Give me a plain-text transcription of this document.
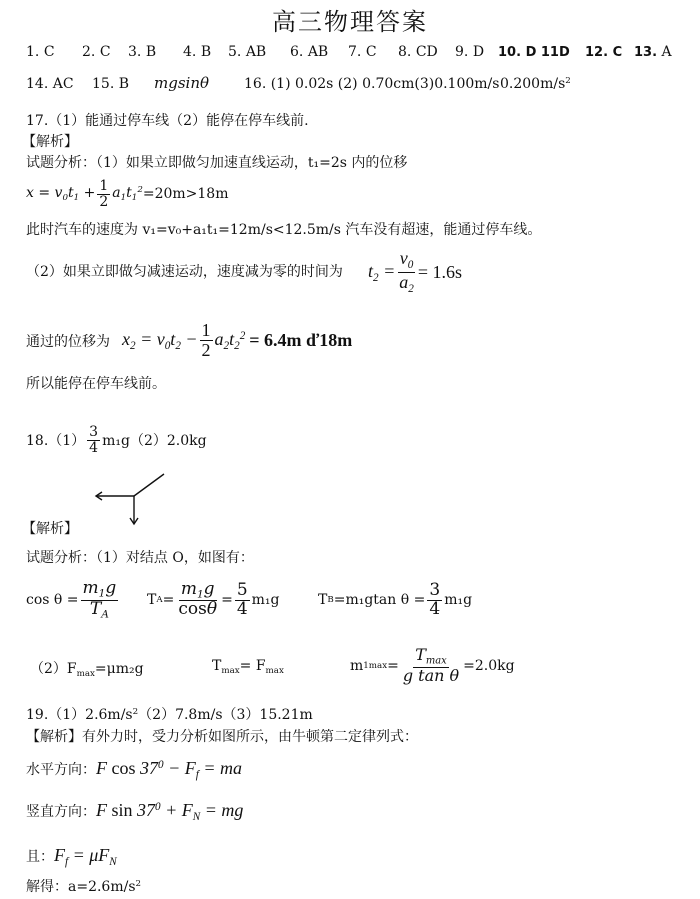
高三物理答案
1. C 2. C 3. B 4. B 5. AB 6. AB 7. C 8. CD 9. D 10. D 11D 12. C 13. A
14. AC 15. B mgsinθ 16. (1) 0.02s (2) 0.70cm(3)0.100m/s $0.200m/s^2$
17.（1）能通过停车线（2）能停在停车线前.
【解析】
试题分析：（1）如果立即做匀加速直线运动，t₁=2s 内的位移
$x = v_0t_1 + \frac{1}{2} a_1t_1^2 =20m>18m$
此时汽车的速度为 v₁=v₀+a₁t₁=12m/s<12.5m/s 汽车没有超速，能通过停车线。
（2）如果立即做匀减速运动，速度减为零的时间为 $t_2 = \frac{v_0}{a_2} = 1.6s$
通过的位移为 $x_2 = v_0t_2 - \frac{1}{2} a_2t_2^2 = 6.4m$ ď18m
所以能停在停车线前。
$18.(1) \frac{3}{4} m_1g(2)2.0kg$
【解析】
试题分析：（1）对结点 O，如图有：
$\cos \theta = \frac{m_1g}{T_A}$ T $A = \frac{m_1g}{\cos\theta} = \frac{5}{4} m_1g$	T B =m₁gtan $\theta = \frac{3}{4} m_1g$
$(2)F_{max}=\mu m_2g$	$T_{max}= F_{max}$	m $1\max = \frac{T_{max}}{\text{g tan θ}} =2.0kg$
$19.(1)2.6m/s^2(2)7.8m/s(3)15.21m$
【解析】有外力时，受力分析如图所示，由牛顿第二定律列式：
水平方向： F $\cos 37^0 - F_f$ = ma
竖直方向： F $\sin 37^0 + F_N$ = mg
且： $F_f = \mu F_N$
解得：$a=2.6m/s^2$
